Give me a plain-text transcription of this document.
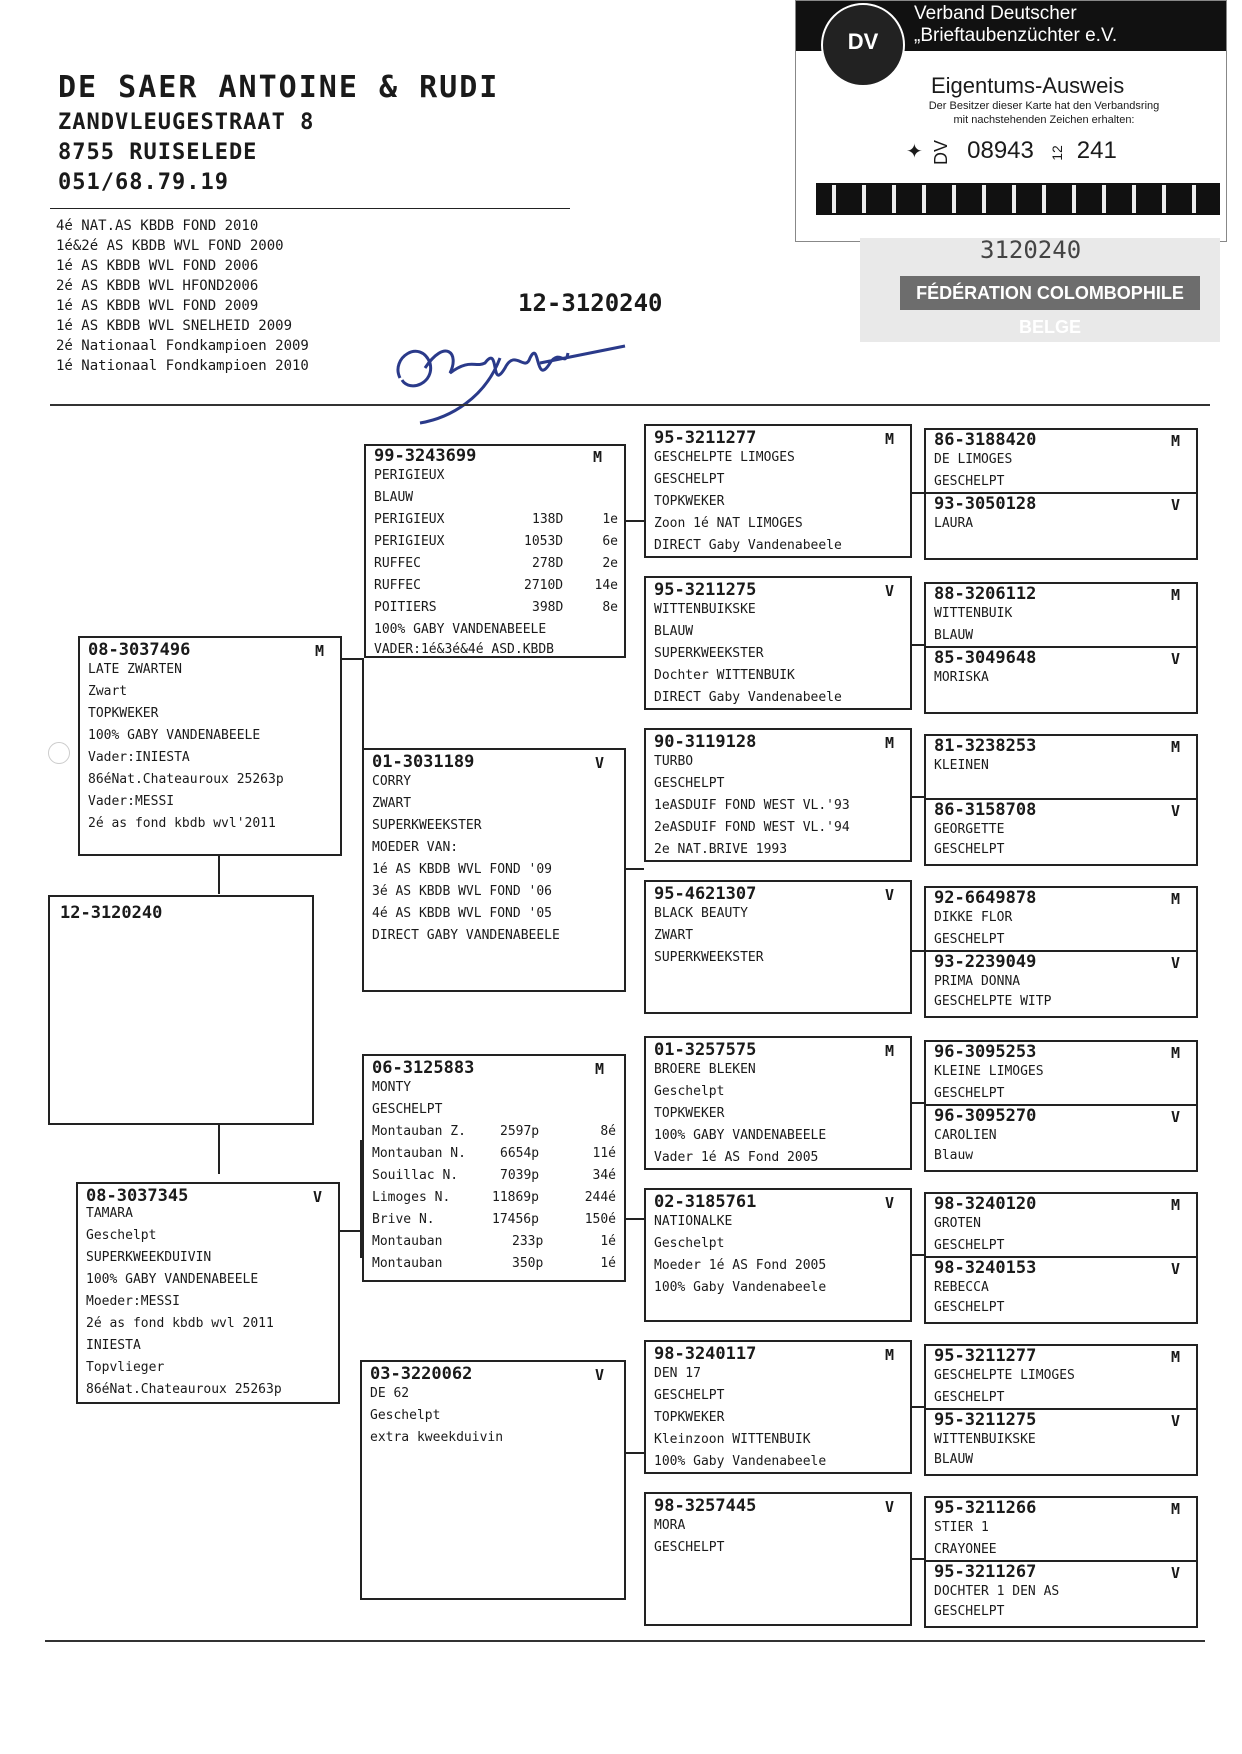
DE SAER ANTOINE & RUDI
ZANDVLEUGESTRAAT 8
8755 RUISELEDE
051/68.79.19
4é NAT.AS KBDB FOND 2010
1é&2é AS KBDB WVL FOND 2000
1é AS KBDB WVL FOND 2006
2é AS KBDB WVL HFOND2006
1é AS KBDB WVL FOND 2009
1é AS KBDB WVL SNELHEID 2009
2é Nationaal Fondkampioen 2009
1é Nationaal Fondkampioen 2010
12-3120240
DV
Verband Deutscher
„Brieftaubenzüchter e.V.
Eigentums-Ausweis
Der Besitzer dieser Karte hat den Verbandsring
mit nachstehenden Zeichen erhalten:
✦ DV 08943 12 241
3120240
FÉDÉRATION COLOMBOPHILE BELGE
12-3120240
08-3037496	M
LATE ZWARTEN
Zwart
TOPKWEKER
100% GABY VANDENABEELE
Vader:INIESTA
86éNat.Chateauroux 25263p
Vader:MESSI
2é as fond kbdb wvl'2011
08-3037345	V
TAMARA
Geschelpt
SUPERKWEEKDUIVIN
100% GABY VANDENABEELE
Moeder:MESSI
2é as fond kbdb wvl 2011
INIESTA
Topvlieger
86éNat.Chateauroux 25263p
99-3243699	M
PERIGIEUX
BLAUW
PERIGIEUX	138D	1e
PERIGIEUX	1053D	6e
RUFFEC	278D	2e
RUFFEC	2710D 14e
POITIERS	398D	8e
100% GABY VANDENABEELE
VADER:1é&3é&4é ASD.KBDB
01-3031189	V
CORRY
ZWART
SUPERKWEEKSTER
MOEDER VAN:
1é AS KBDB WVL FOND '09
3é AS KBDB WVL FOND '06
4é AS KBDB WVL FOND '05
DIRECT GABY VANDENABEELE
06-3125883	M
MONTY
GESCHELPT
Montauban Z.	2597p	8é
Montauban N.	6654p	11é
Souillac N.	7039p	34é
Limoges N.	11869p	244é
Brive N.	17456p	150é
Montauban	233p	1é
Montauban	350p	1é
03-3220062	V
DE 62
Geschelpt
extra kweekduivin
95-3211277	M
GESCHELPTE LIMOGES
GESCHELPT
TOPKWEKER
Zoon 1é NAT LIMOGES
DIRECT Gaby Vandenabeele
95-3211275	V
WITTENBUIKSKE
BLAUW
SUPERKWEEKSTER
Dochter WITTENBUIK
DIRECT Gaby Vandenabeele
90-3119128	M
TURBO
GESCHELPT
1eASDUIF FOND WEST VL.'93
2eASDUIF FOND WEST VL.'94
2e NAT.BRIVE 1993
95-4621307	V
BLACK BEAUTY
ZWART
SUPERKWEEKSTER
01-3257575	M
BROERE BLEKEN
Geschelpt
TOPKWEKER
100% GABY VANDENABEELE
Vader 1é AS Fond 2005
02-3185761	V
NATIONALKE
Geschelpt
Moeder 1é AS Fond 2005
100% Gaby Vandenabeele
98-3240117	M
DEN 17
GESCHELPT
TOPKWEKER
Kleinzoon WITTENBUIK
100% Gaby Vandenabeele
98-3257445	V
MORA
GESCHELPT
86-3188420	M
DE LIMOGES
GESCHELPT
93-3050128	V
LAURA
88-3206112	M
WITTENBUIK
BLAUW
85-3049648	V
MORISKA
81-3238253	M
KLEINEN
86-3158708	V
GEORGETTE
GESCHELPT
92-6649878	M
DIKKE FLOR
GESCHELPT
93-2239049	V
PRIMA DONNA
GESCHELPTE WITP
96-3095253	M
KLEINE LIMOGES
GESCHELPT
96-3095270	V
CAROLIEN
Blauw
98-3240120	M
GROTEN
GESCHELPT
98-3240153	V
REBECCA
GESCHELPT
95-3211277	M
GESCHELPTE LIMOGES
GESCHELPT
95-3211275	V
WITTENBUIKSKE
BLAUW
95-3211266	M
STIER 1
CRAYONEE
95-3211267	V
DOCHTER 1 DEN AS
GESCHELPT
